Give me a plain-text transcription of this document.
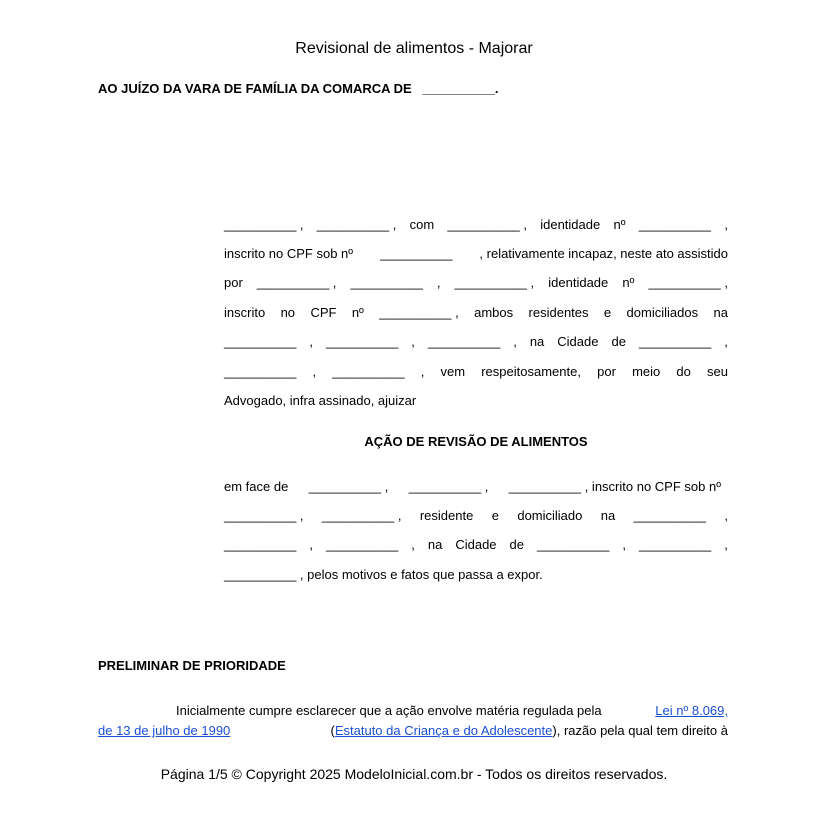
Revisional de alimentos - Majorar
AO JUÍZO DA VARA DE FAMÍLIA DA COMARCA DE __________.
__________ , __________ , com __________ , identidade nº __________ ,
inscrito no CPF sob nº __________ , relativamente incapaz, neste ato assistido
por __________ , __________ , __________ , identidade nº __________ ,
inscrito no CPF nº __________ , ambos residentes e domiciliados na
__________ , __________ , __________ , na Cidade de __________ ,
__________ , __________ , vem respeitosamente, por meio do seu
Advogado, infra assinado, ajuizar
AÇÃO DE REVISÃO DE ALIMENTOS
em face de __________ , __________ , __________ , inscrito no CPF sob nº
__________ , __________ , residente e domiciliado na __________ ,
__________ , __________ , na Cidade de __________ , __________ ,
__________ , pelos motivos e fatos que passa a expor.
PRELIMINAR DE PRIORIDADE
Inicialmente cumpre esclarecer que a ação envolve matéria regulada pela	Lei nº 8.069,
de 13 de julho de 1990	(Estatuto da Criança e do Adolescente), razão pela qual tem direito à
Página 1/5 © Copyright 2025 ModeloInicial.com.br - Todos os direitos reservados.
